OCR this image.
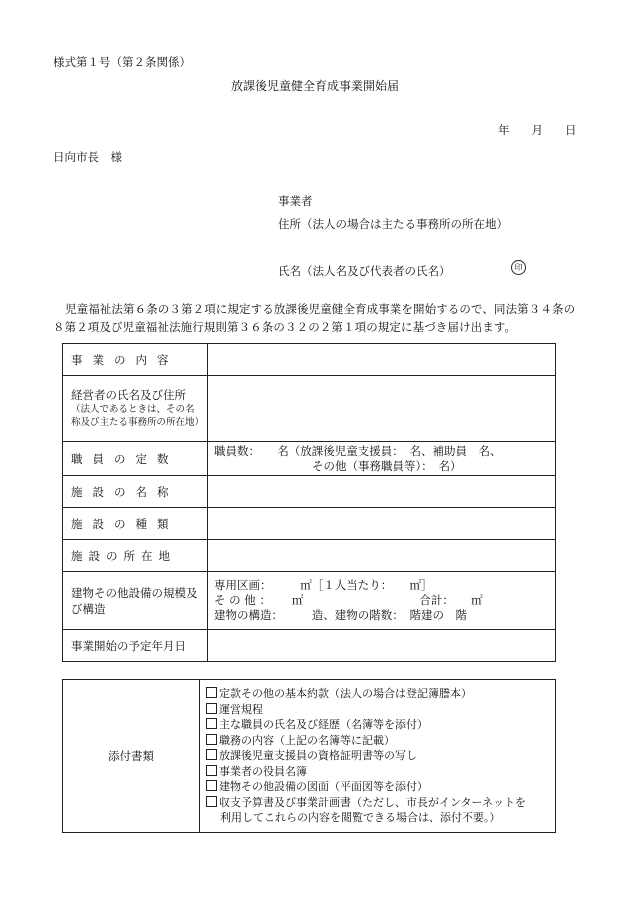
様式第１号（第２条関係）
放課後児童健全育成事業開始届
年 月 日
日向市長　様
事業者
住所（法人の場合は主たる事務所の所在地）
氏名（法人名及び代表者の氏名）	印
児童福祉法第６条の３第２項に規定する放課後児童健全育成事業を開始するので、同法第３４条の８第２項及び児童福祉法施行規則第３６条の３２の２第１項の規定に基づき届け出ます。
事業の内容	

経営者の氏名及び住所
（法人であるときは、その名称及び主たる事務所の所在地）	

職員の定数	職員数：　　名（放課後児童支援員：　名、補助員　名、
その他（事務職員等）：　名）

施設の名称	
施設の種類	
施設の所在地	
建物その他設備の規模及び構造	専用区画：　　　㎡［１人当たり：　　㎡］
そ の 他 ：　　 ㎡ 合計：　　㎡
建物の構造：　　　造、建物の階数：　階建の　階

事業開始の予定年月日	
添付書類	
定款その他の基本約款（法人の場合は登記簿謄本）
運営規程
主な職員の氏名及び経歴（名簿等を添付）
職務の内容（上記の名簿等に記載）
放課後児童支援員の資格証明書等の写し
事業者の役員名簿
建物その他設備の図面（平面図等を添付）
収支予算書及び事業計画書（ただし、市長がインターネットを
利用してこれらの内容を閲覧できる場合は、添付不要。）
